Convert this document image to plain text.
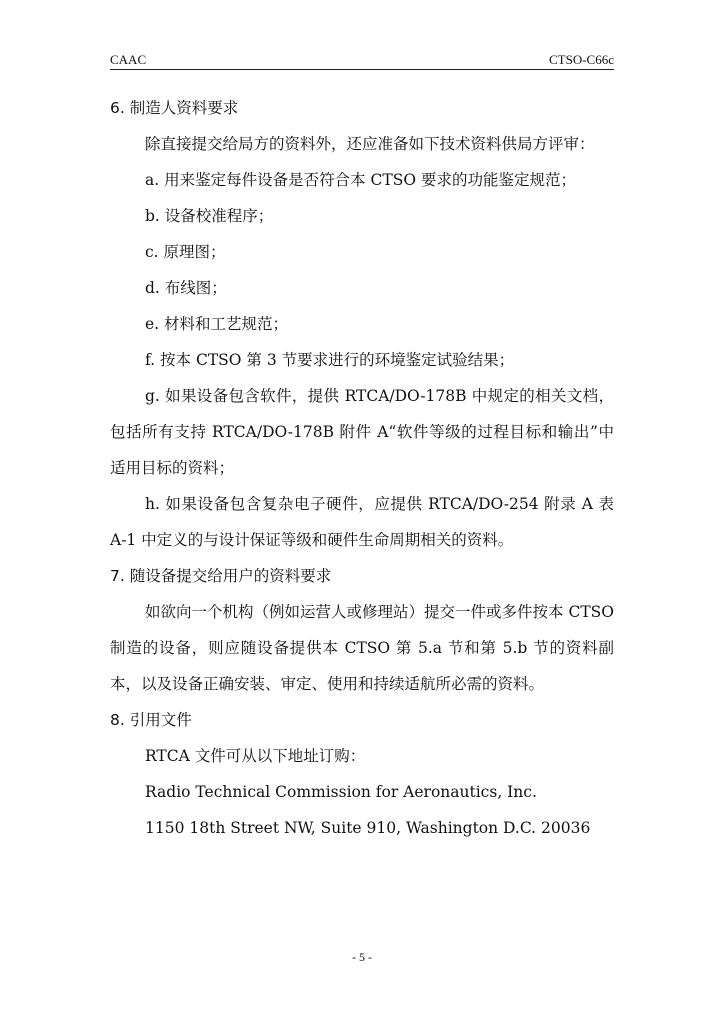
CAAC	CTSO-C66c
6. 制造人资料要求

除直接提交给局方的资料外，还应准备如下技术资料供局方评审：

a. 用来鉴定每件设备是否符合本 CTSO 要求的功能鉴定规范；

b. 设备校准程序；

c. 原理图；

d. 布线图；

e. 材料和工艺规范；

f. 按本 CTSO 第 3 节要求进行的环境鉴定试验结果；

g. 如果设备包含软件，提供 RTCA/DO-178B 中规定的相关文档，包括所有支持 RTCA/DO-178B 附件 A“软件等级的过程目标和输出”中适用目标的资料；

h. 如果设备包含复杂电子硬件，应提供 RTCA/DO-254 附录 A 表 A-1 中定义的与设计保证等级和硬件生命周期相关的资料。

7. 随设备提交给用户的资料要求

如欲向一个机构（例如运营人或修理站）提交一件或多件按本 CTSO 制造的设备，则应随设备提供本 CTSO 第 5.a 节和第 5.b 节的资料副本，以及设备正确安装、审定、使用和持续适航所必需的资料。

8. 引用文件

RTCA 文件可从以下地址订购：

Radio Technical Commission for Aeronautics, Inc.

1150 18th Street NW, Suite 910, Washington D.C. 20036

- 5 -
